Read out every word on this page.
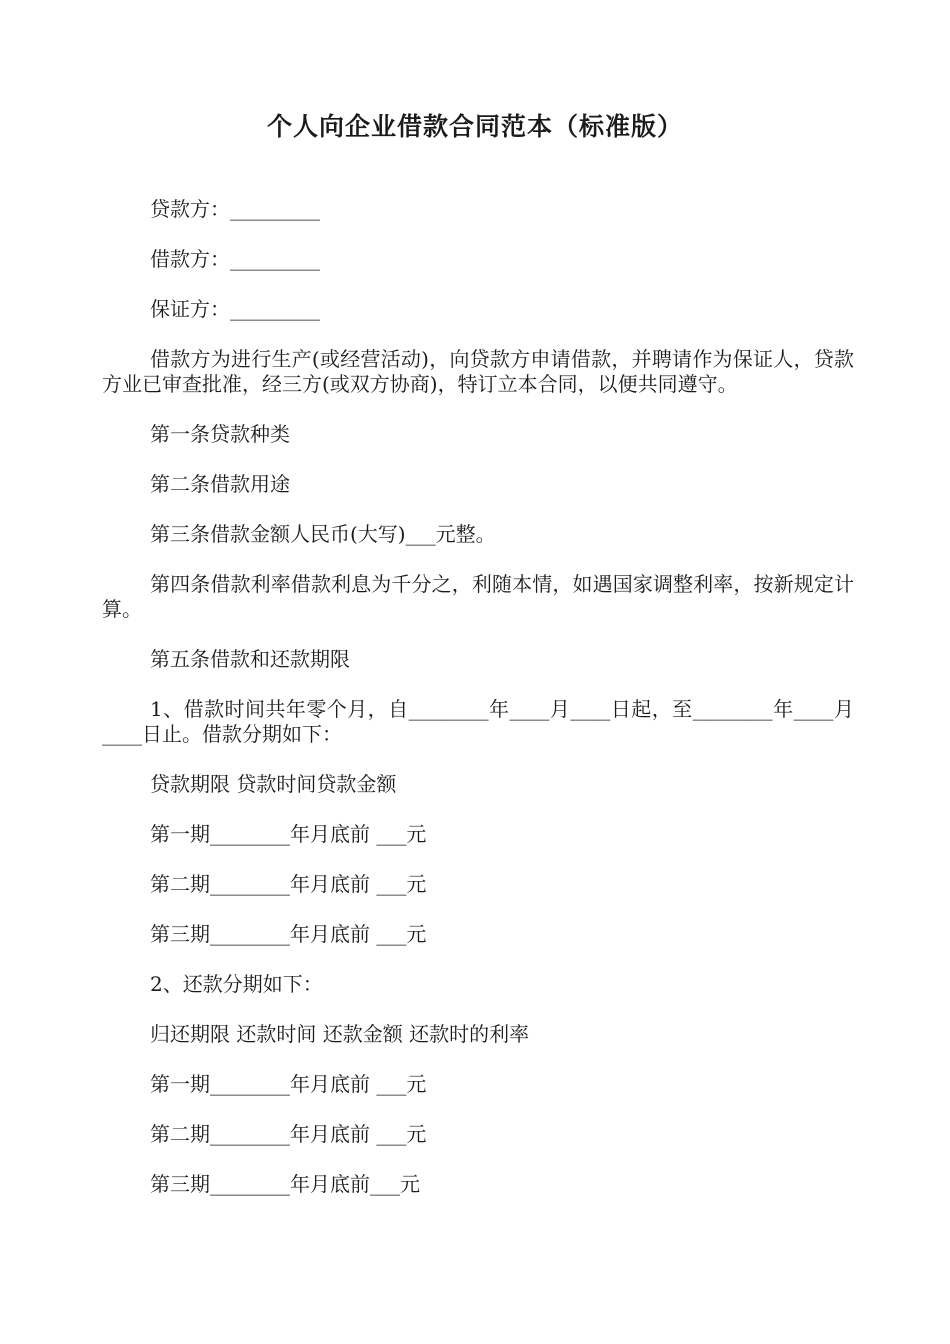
个人向企业借款合同范本（标准版）

贷款方：_________

借款方：_________

保证方：_________

借款方为进行生产(或经营活动)，向贷款方申请借款，并聘请作为保证人，贷款方业已审查批准，经三方(或双方协商)，特订立本合同，以便共同遵守。

第一条贷款种类

第二条借款用途

第三条借款金额人民币(大写)___元整。

第四条借款利率借款利息为千分之，利随本情，如遇国家调整利率，按新规定计算。

第五条借款和还款期限

1、借款时间共年零个月，自________年____月____日起，至________年____月____日止。借款分期如下：

贷款期限 贷款时间贷款金额

第一期________年月底前 ___元

第二期________年月底前 ___元

第三期________年月底前 ___元

2、还款分期如下：

归还期限 还款时间 还款金额 还款时的利率

第一期________年月底前 ___元

第二期________年月底前 ___元

第三期________年月底前___元
